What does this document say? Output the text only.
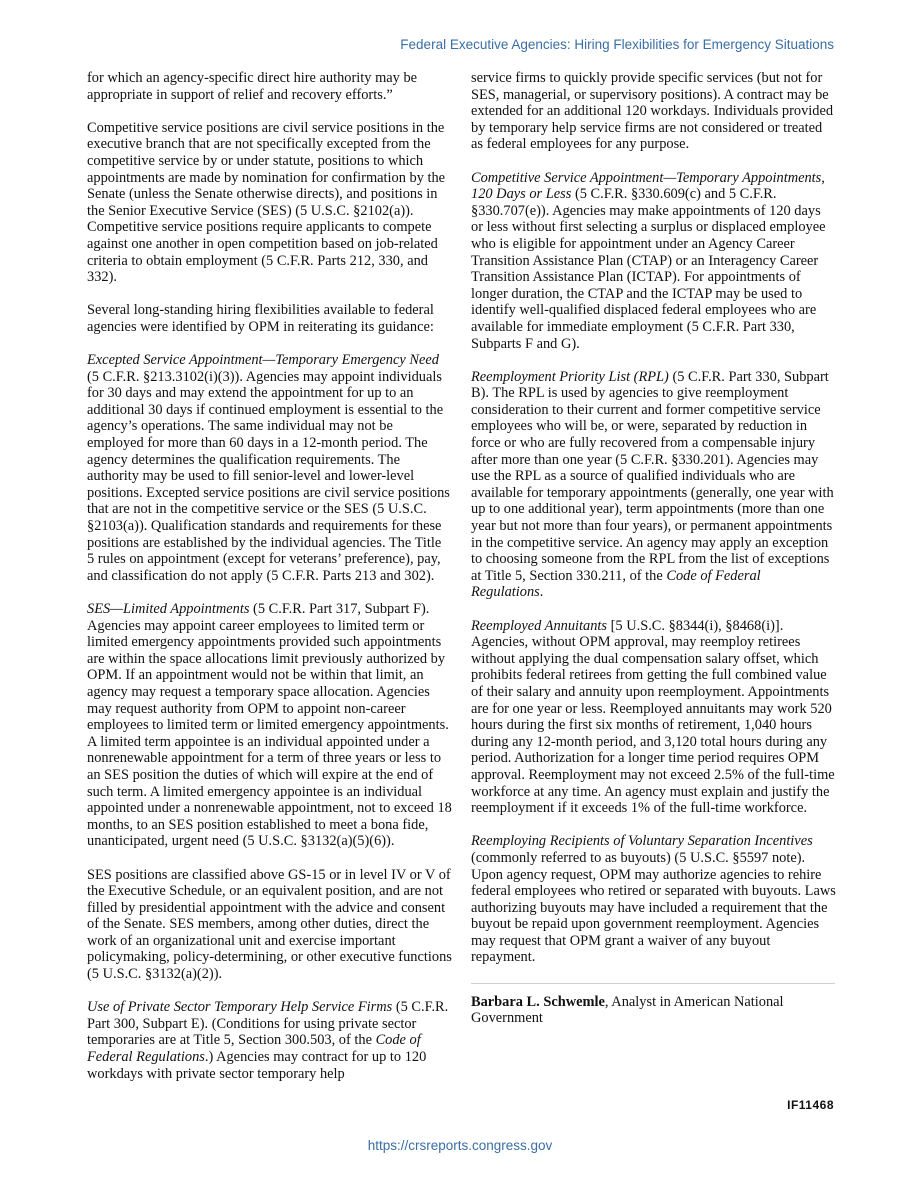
Federal Executive Agencies: Hiring Flexibilities for Emergency Situations

for which an agency-specific direct hire authority may be appropriate in support of relief and recovery efforts.”

Competitive service positions are civil service positions in the executive branch that are not specifically excepted from the competitive service by or under statute, positions to which appointments are made by nomination for confirmation by the Senate (unless the Senate otherwise directs), and positions in the Senior Executive Service (SES) (5 U.S.C. §2102(a)). Competitive service positions require applicants to compete against one another in open competition based on job-related criteria to obtain employment (5 C.F.R. Parts 212, 330, and 332).

Several long-standing hiring flexibilities available to federal agencies were identified by OPM in reiterating its guidance:

Excepted Service Appointment—Temporary Emergency Need (5 C.F.R. §213.3102(i)(3)). Agencies may appoint individuals for 30 days and may extend the appointment for up to an additional 30 days if continued employment is essential to the agency’s operations. The same individual may not be employed for more than 60 days in a 12-month period. The agency determines the qualification requirements. The authority may be used to fill senior-level and lower-level positions. Excepted service positions are civil service positions that are not in the competitive service or the SES (5 U.S.C. §2103(a)). Qualification standards and requirements for these positions are established by the individual agencies. The Title 5 rules on appointment (except for veterans’ preference), pay, and classification do not apply (5 C.F.R. Parts 213 and 302).

SES—Limited Appointments (5 C.F.R. Part 317, Subpart F). Agencies may appoint career employees to limited term or limited emergency appointments provided such appointments are within the space allocations limit previously authorized by OPM. If an appointment would not be within that limit, an agency may request a temporary space allocation. Agencies may request authority from OPM to appoint non-career employees to limited term or limited emergency appointments. A limited term appointee is an individual appointed under a nonrenewable appointment for a term of three years or less to an SES position the duties of which will expire at the end of such term. A limited emergency appointee is an individual appointed under a nonrenewable appointment, not to exceed 18 months, to an SES position established to meet a bona fide, unanticipated, urgent need (5 U.S.C. §3132(a)(5)(6)).

SES positions are classified above GS-15 or in level IV or V of the Executive Schedule, or an equivalent position, and are not filled by presidential appointment with the advice and consent of the Senate. SES members, among other duties, direct the work of an organizational unit and exercise important policymaking, policy-determining, or other executive functions (5 U.S.C. §3132(a)(2)).

Use of Private Sector Temporary Help Service Firms (5 C.F.R. Part 300, Subpart E). (Conditions for using private sector temporaries are at Title 5, Section 300.503, of the Code of Federal Regulations.) Agencies may contract for up to 120 workdays with private sector temporary help

service firms to quickly provide specific services (but not for SES, managerial, or supervisory positions). A contract may be extended for an additional 120 workdays. Individuals provided by temporary help service firms are not considered or treated as federal employees for any purpose.

Competitive Service Appointment—Temporary Appointments, 120 Days or Less (5 C.F.R. §330.609(c) and 5 C.F.R. §330.707(e)). Agencies may make appointments of 120 days or less without first selecting a surplus or displaced employee who is eligible for appointment under an Agency Career Transition Assistance Plan (CTAP) or an Interagency Career Transition Assistance Plan (ICTAP). For appointments of longer duration, the CTAP and the ICTAP may be used to identify well-qualified displaced federal employees who are available for immediate employment (5 C.F.R. Part 330, Subparts F and G).

Reemployment Priority List (RPL) (5 C.F.R. Part 330, Subpart B). The RPL is used by agencies to give reemployment consideration to their current and former competitive service employees who will be, or were, separated by reduction in force or who are fully recovered from a compensable injury after more than one year (5 C.F.R. §330.201). Agencies may use the RPL as a source of qualified individuals who are available for temporary appointments (generally, one year with up to one additional year), term appointments (more than one year but not more than four years), or permanent appointments in the competitive service. An agency may apply an exception to choosing someone from the RPL from the list of exceptions at Title 5, Section 330.211, of the Code of Federal Regulations.

Reemployed Annuitants [5 U.S.C. §8344(i), §8468(i)]. Agencies, without OPM approval, may reemploy retirees without applying the dual compensation salary offset, which prohibits federal retirees from getting the full combined value of their salary and annuity upon reemployment. Appointments are for one year or less. Reemployed annuitants may work 520 hours during the first six months of retirement, 1,040 hours during any 12-month period, and 3,120 total hours during any period. Authorization for a longer time period requires OPM approval. Reemployment may not exceed 2.5% of the full-time workforce at any time. An agency must explain and justify the reemployment if it exceeds 1% of the full-time workforce.

Reemploying Recipients of Voluntary Separation Incentives (commonly referred to as buyouts) (5 U.S.C. §5597 note). Upon agency request, OPM may authorize agencies to rehire federal employees who retired or separated with buyouts. Laws authorizing buyouts may have included a requirement that the buyout be repaid upon government reemployment. Agencies may request that OPM grant a waiver of any buyout repayment.

Barbara L. Schwemle, Analyst in American National Government

IF11468
https://crsreports.congress.gov
